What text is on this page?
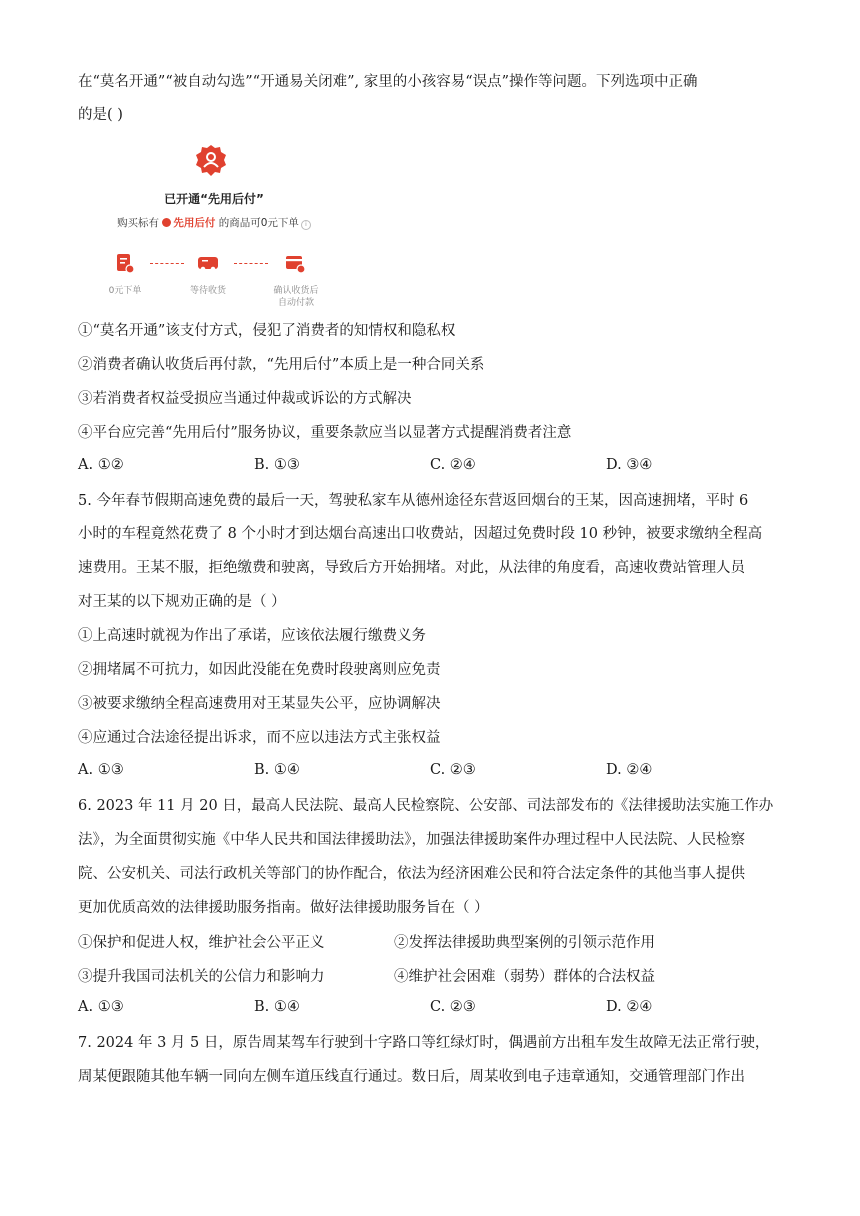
在“莫名开通”“被自动勾选”“开通易关闭难”, 家里的小孩容易“误点”操作等问题。下列选项中正确
的是( )
已开通“先用后付”
购买标有 先用后付 的商品可0元下单 i
0元下单	等待收货	确认收货后
自动付款
①“莫名开通”该支付方式，侵犯了消费者的知情权和隐私权
②消费者确认收货后再付款，“先用后付”本质上是一种合同关系
③若消费者权益受损应当通过仲裁或诉讼的方式解决
④平台应完善“先用后付”服务协议，重要条款应当以显著方式提醒消费者注意
A. ①②	B. ①③	C. ②④	D. ③④
5. 今年春节假期高速免费的最后一天，驾驶私家车从德州途径东营返回烟台的王某，因高速拥堵，平时 6
小时的车程竟然花费了 8 个小时才到达烟台高速出口收费站，因超过免费时段 10 秒钟，被要求缴纳全程高
速费用。王某不服，拒绝缴费和驶离，导致后方开始拥堵。对此，从法律的角度看，高速收费站管理人员
对王某的以下规劝正确的是（ ）
①上高速时就视为作出了承诺，应该依法履行缴费义务
②拥堵属不可抗力，如因此没能在免费时段驶离则应免责
③被要求缴纳全程高速费用对王某显失公平，应协调解决
④应通过合法途径提出诉求，而不应以违法方式主张权益
A. ①③	B. ①④	C. ②③	D. ②④
6. 2023 年 11 月 20 日，最高人民法院、最高人民检察院、公安部、司法部发布的《法律援助法实施工作办
法》，为全面贯彻实施《中华人民共和国法律援助法》，加强法律援助案件办理过程中人民法院、人民检察
院、公安机关、司法行政机关等部门的协作配合，依法为经济困难公民和符合法定条件的其他当事人提供
更加优质高效的法律援助服务指南。做好法律援助服务旨在（ ）
①保护和促进人权，维护社会公平正义	②发挥法律援助典型案例的引领示范作用
③提升我国司法机关的公信力和影响力	④维护社会困难（弱势）群体的合法权益
A. ①③	B. ①④	C. ②③	D. ②④
7. 2024 年 3 月 5 日，原告周某驾车行驶到十字路口等红绿灯时，偶遇前方出租车发生故障无法正常行驶，
周某便跟随其他车辆一同向左侧车道压线直行通过。数日后，周某收到电子违章通知，交通管理部门作出
